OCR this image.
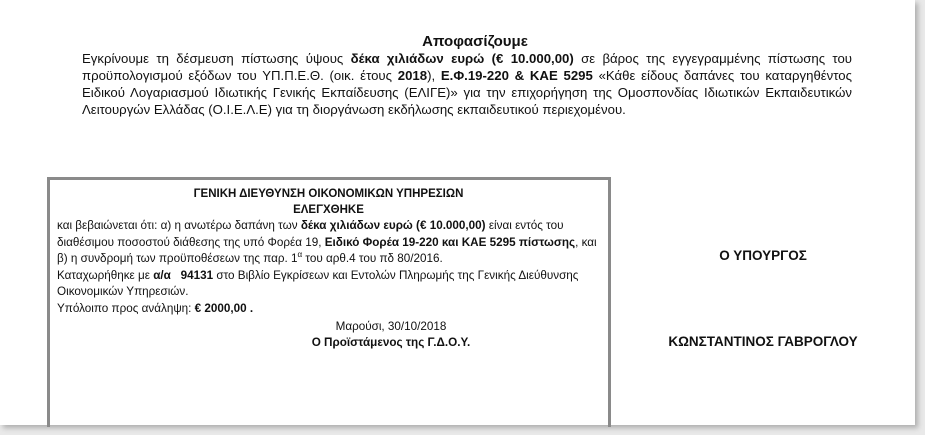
Αποφασίζουμε
Εγκρίνουμε τη δέσμευση πίστωσης ύψους δέκα χιλιάδων ευρώ (€ 10.000,00) σε βάρος της εγγεγραμμένης πίστωσης του προϋπολογισμού εξόδων του ΥΠ.Π.Ε.Θ. (οικ. έτους 2018), Ε.Φ.19-220 & ΚΑΕ 5295 «Κάθε είδους δαπάνες του καταργηθέντος Ειδικού Λογαριασμού Ιδιωτικής Γενικής Εκπαίδευσης (ΕΛΙΓΕ)» για την επιχορήγηση της Ομοσπονδίας Ιδιωτικών Εκπαιδευτικών Λειτουργών Ελλάδας (Ο.Ι.Ε.Λ.Ε) για τη διοργάνωση εκδήλωσης εκπαιδευτικού περιεχομένου.
ΓΕΝΙΚΗ ΔΙΕΥΘΥΝΣΗ ΟΙΚΟΝΟΜΙΚΩΝ ΥΠΗΡΕΣΙΩΝ
ΕΛΕΓΧΘΗΚΕ
και βεβαιώνεται ότι: α) η ανωτέρω δαπάνη των δέκα χιλιάδων ευρώ (€ 10.000,00) είναι εντός του διαθέσιμου ποσοστού διάθεσης της υπό Φορέα 19, Ειδικό Φορέα 19-220 και ΚΑΕ 5295 πίστωσης, και β) η συνδρομή των προϋποθέσεων της παρ. $1^\alpha$ του αρθ.4 του πδ 80/2016.
Καταχωρήθηκε με α/α 94131 στο Βιβλίο Εγκρίσεων και Εντολών Πληρωμής της Γενικής Διεύθυνσης Οικονομικών Υπηρεσιών.
Υπόλοιπο προς ανάληψη: € 2000,00 .
Μαρούσι, 30/10/2018
Ο Προϊστάμενος της Γ.Δ.Ο.Υ.
Ο ΥΠΟΥΡΓΟΣ
ΚΩΝΣΤΑΝΤΙΝΟΣ ΓΑΒΡΟΓΛΟΥ
